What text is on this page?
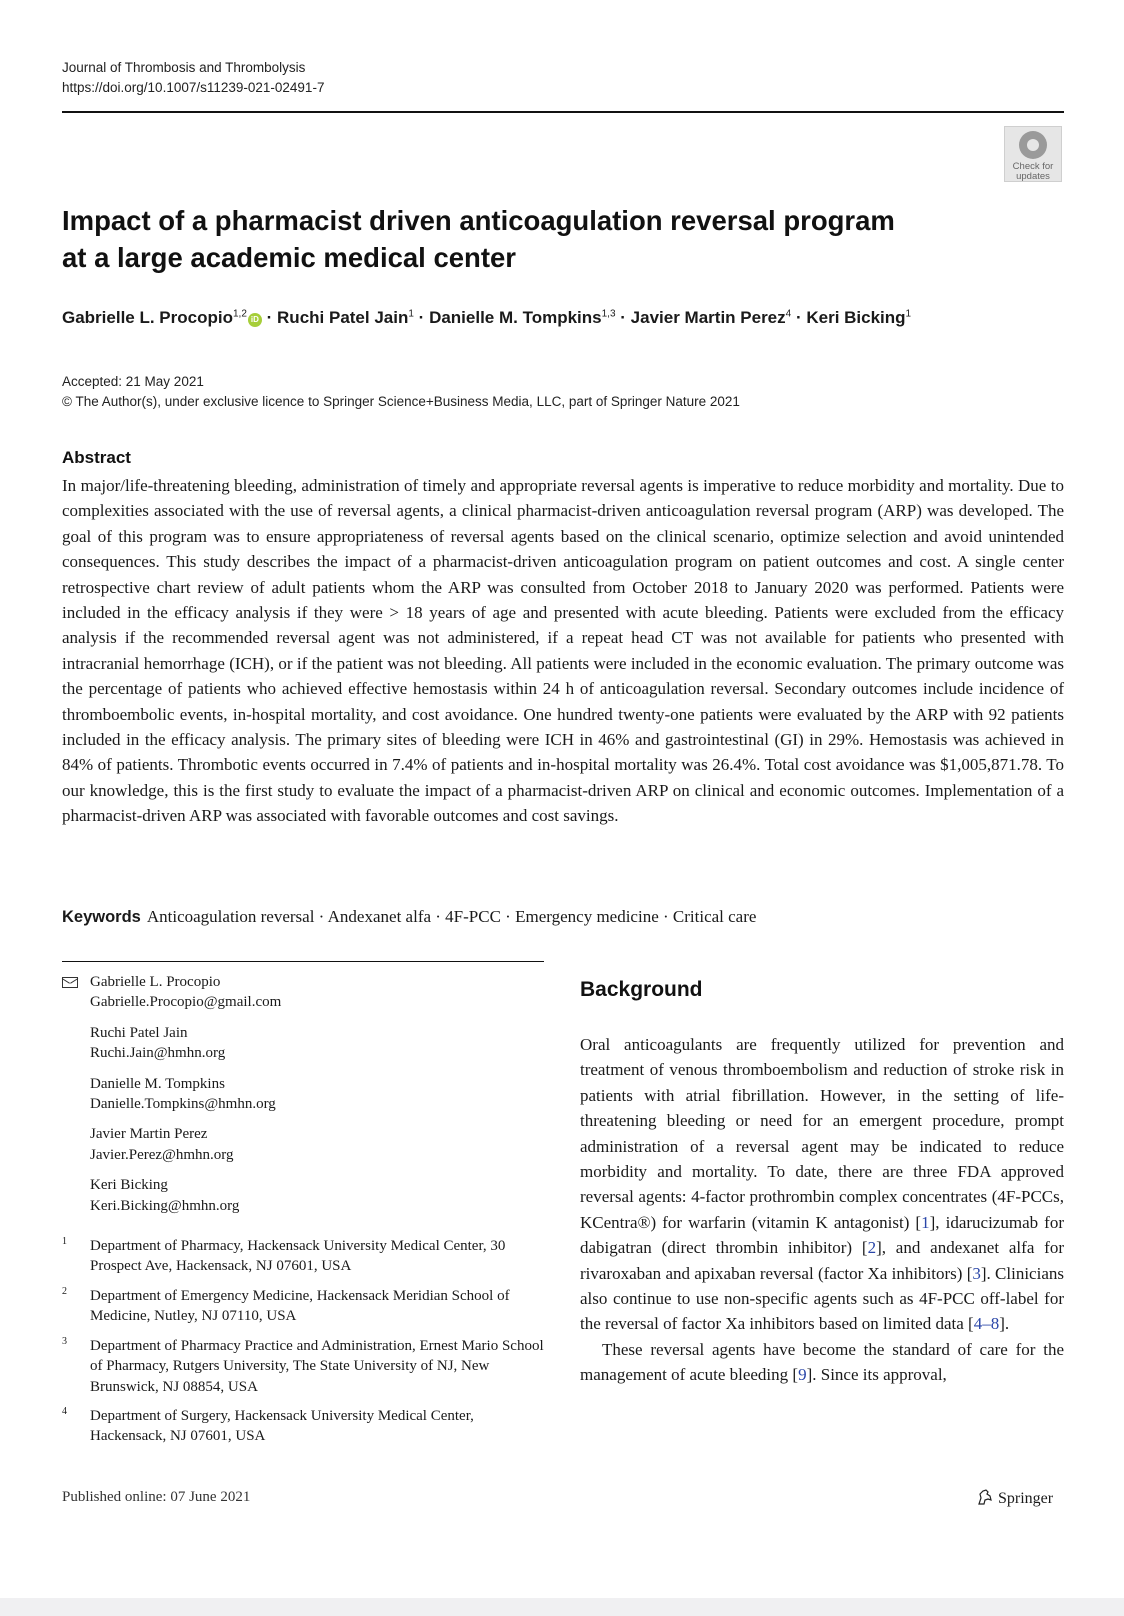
Journal of Thrombosis and Thrombolysis
https://doi.org/10.1007/s11239-021-02491-7
Check for
updates
Impact of a pharmacist driven anticoagulation reversal program
at a large academic medical center
Gabrielle L. Procopio$^{1,2}$iD · Ruchi Patel Jain$^1$ · Danielle M. Tompkins$^{1,3}$ · Javier Martin Perez$^4$ · Keri Bicking$^1$
Accepted: 21 May 2021
© The Author(s), under exclusive licence to Springer Science+Business Media, LLC, part of Springer Nature 2021
Abstract

In major/life-threatening bleeding, administration of timely and appropriate reversal agents is imperative to reduce morbidity and mortality. Due to complexities associated with the use of reversal agents, a clinical pharmacist-driven anticoagulation reversal program (ARP) was developed. The goal of this program was to ensure appropriateness of reversal agents based on the clinical scenario, optimize selection and avoid unintended consequences. This study describes the impact of a pharmacist-driven anticoagulation program on patient outcomes and cost. A single center retrospective chart review of adult patients whom the ARP was consulted from October 2018 to January 2020 was performed. Patients were included in the efficacy analysis if they were > 18 years of age and presented with acute bleeding. Patients were excluded from the efficacy analysis if the recommended reversal agent was not administered, if a repeat head CT was not available for patients who presented with intracranial hemorrhage (ICH), or if the patient was not bleeding. All patients were included in the economic evaluation. The primary outcome was the percentage of patients who achieved effective hemostasis within 24 h of anticoagulation reversal. Secondary outcomes include incidence of thromboembolic events, in-hospital mortality, and cost avoidance. One hundred twenty-one patients were evaluated by the ARP with 92 patients included in the efficacy analysis. The primary sites of bleeding were ICH in 46% and gastrointestinal (GI) in 29%. Hemostasis was achieved in 84% of patients. Thrombotic events occurred in 7.4% of patients and in-hospital mortality was 26.4%. Total cost avoidance was $1,005,871.78. To our knowledge, this is the first study to evaluate the impact of a pharmacist-driven ARP on clinical and economic outcomes. Implementation of a pharmacist-driven ARP was associated with favorable outcomes and cost savings.

Keywords Anticoagulation reversal · Andexanet alfa · 4F-PCC · Emergency medicine · Critical care
Gabrielle L. Procopio
Gabrielle.Procopio@gmail.com
Ruchi Patel Jain
Ruchi.Jain@hmhn.org
Danielle M. Tompkins
Danielle.Tompkins@hmhn.org
Javier Martin Perez
Javier.Perez@hmhn.org
Keri Bicking
Keri.Bicking@hmhn.org
1 Department of Pharmacy, Hackensack University Medical Center, 30 Prospect Ave, Hackensack, NJ 07601, USA
2 Department of Emergency Medicine, Hackensack Meridian School of Medicine, Nutley, NJ 07110, USA
3 Department of Pharmacy Practice and Administration, Ernest Mario School of Pharmacy, Rutgers University, The State University of NJ, New Brunswick, NJ 08854, USA
4 Department of Surgery, Hackensack University Medical Center, Hackensack, NJ 07601, USA
Background

Oral anticoagulants are frequently utilized for prevention and treatment of venous thromboembolism and reduction of stroke risk in patients with atrial fibrillation. However, in the setting of life-threatening bleeding or need for an emergent procedure, prompt administration of a reversal agent may be indicated to reduce morbidity and mortality. To date, there are three FDA approved reversal agents: 4-factor prothrombin complex concentrates (4F-PCCs, KCentra®) for warfarin (vitamin K antagonist) [1], idarucizumab for dabigatran (direct thrombin inhibitor) [2], and andexanet alfa for rivaroxaban and apixaban reversal (factor Xa inhibitors) [3]. Clinicians also continue to use non-specific agents such as 4F-PCC off-label for the reversal of factor Xa inhibitors based on limited data [4–8].

These reversal agents have become the standard of care for the management of acute bleeding [9]. Since its approval,

Published online: 07 June 2021	Springer
